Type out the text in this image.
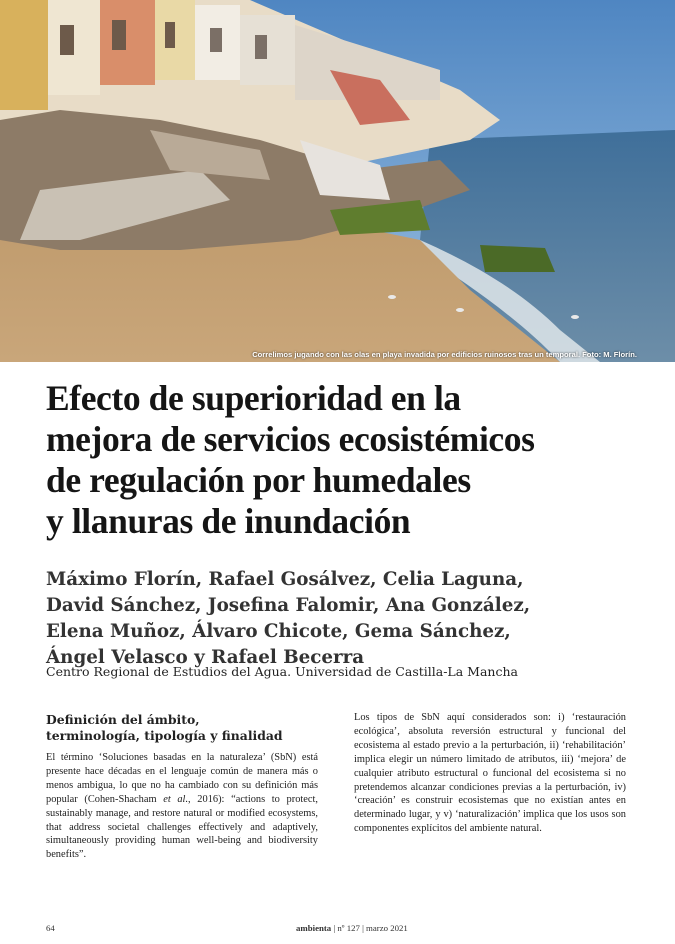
Correlimos jugando con las olas en playa invadida por edificios ruinosos tras un temporal. Foto: M. Florín.
Efecto de superioridad en la
mejora de servicios ecosistémicos
de regulación por humedales
y llanuras de inundación
Máximo Florín, Rafael Gosálvez, Celia Laguna,
David Sánchez, Josefina Falomir, Ana González,
Elena Muñoz, Álvaro Chicote, Gema Sánchez,
Ángel Velasco y Rafael Becerra
Centro Regional de Estudios del Agua. Universidad de Castilla-La Mancha
Definición del ámbito,
terminología, tipología y finalidad

El término ‘Soluciones basadas en la naturaleza’ (SbN) está presente hace décadas en el lenguaje común de manera más o menos ambigua, lo que no ha cambiado con su definición más popular (Cohen-Shacham et al., 2016): “actions to protect, sustainably manage, and restore natural or modified ecosystems, that address societal challenges effectively and adaptively, simultaneously providing human well-being and biodiversity benefits”.

Los tipos de SbN aquí considerados son: i) ‘restauración ecológica’, absoluta reversión estructural y funcional del ecosistema al estado previo a la perturbación, ii) ‘rehabilitación’ implica elegir un número limitado de atributos, iii) ‘mejora’ de cualquier atributo estructural o funcional del ecosistema si no pretendemos alcanzar condiciones previas a la perturbación, iv) ‘creación’ es construir ecosistemas que no existían antes en determinado lugar, y v) ‘naturalización’ implica que los usos son componentes explícitos del ambiente natural.

64	ambienta | nº 127 | marzo 2021
